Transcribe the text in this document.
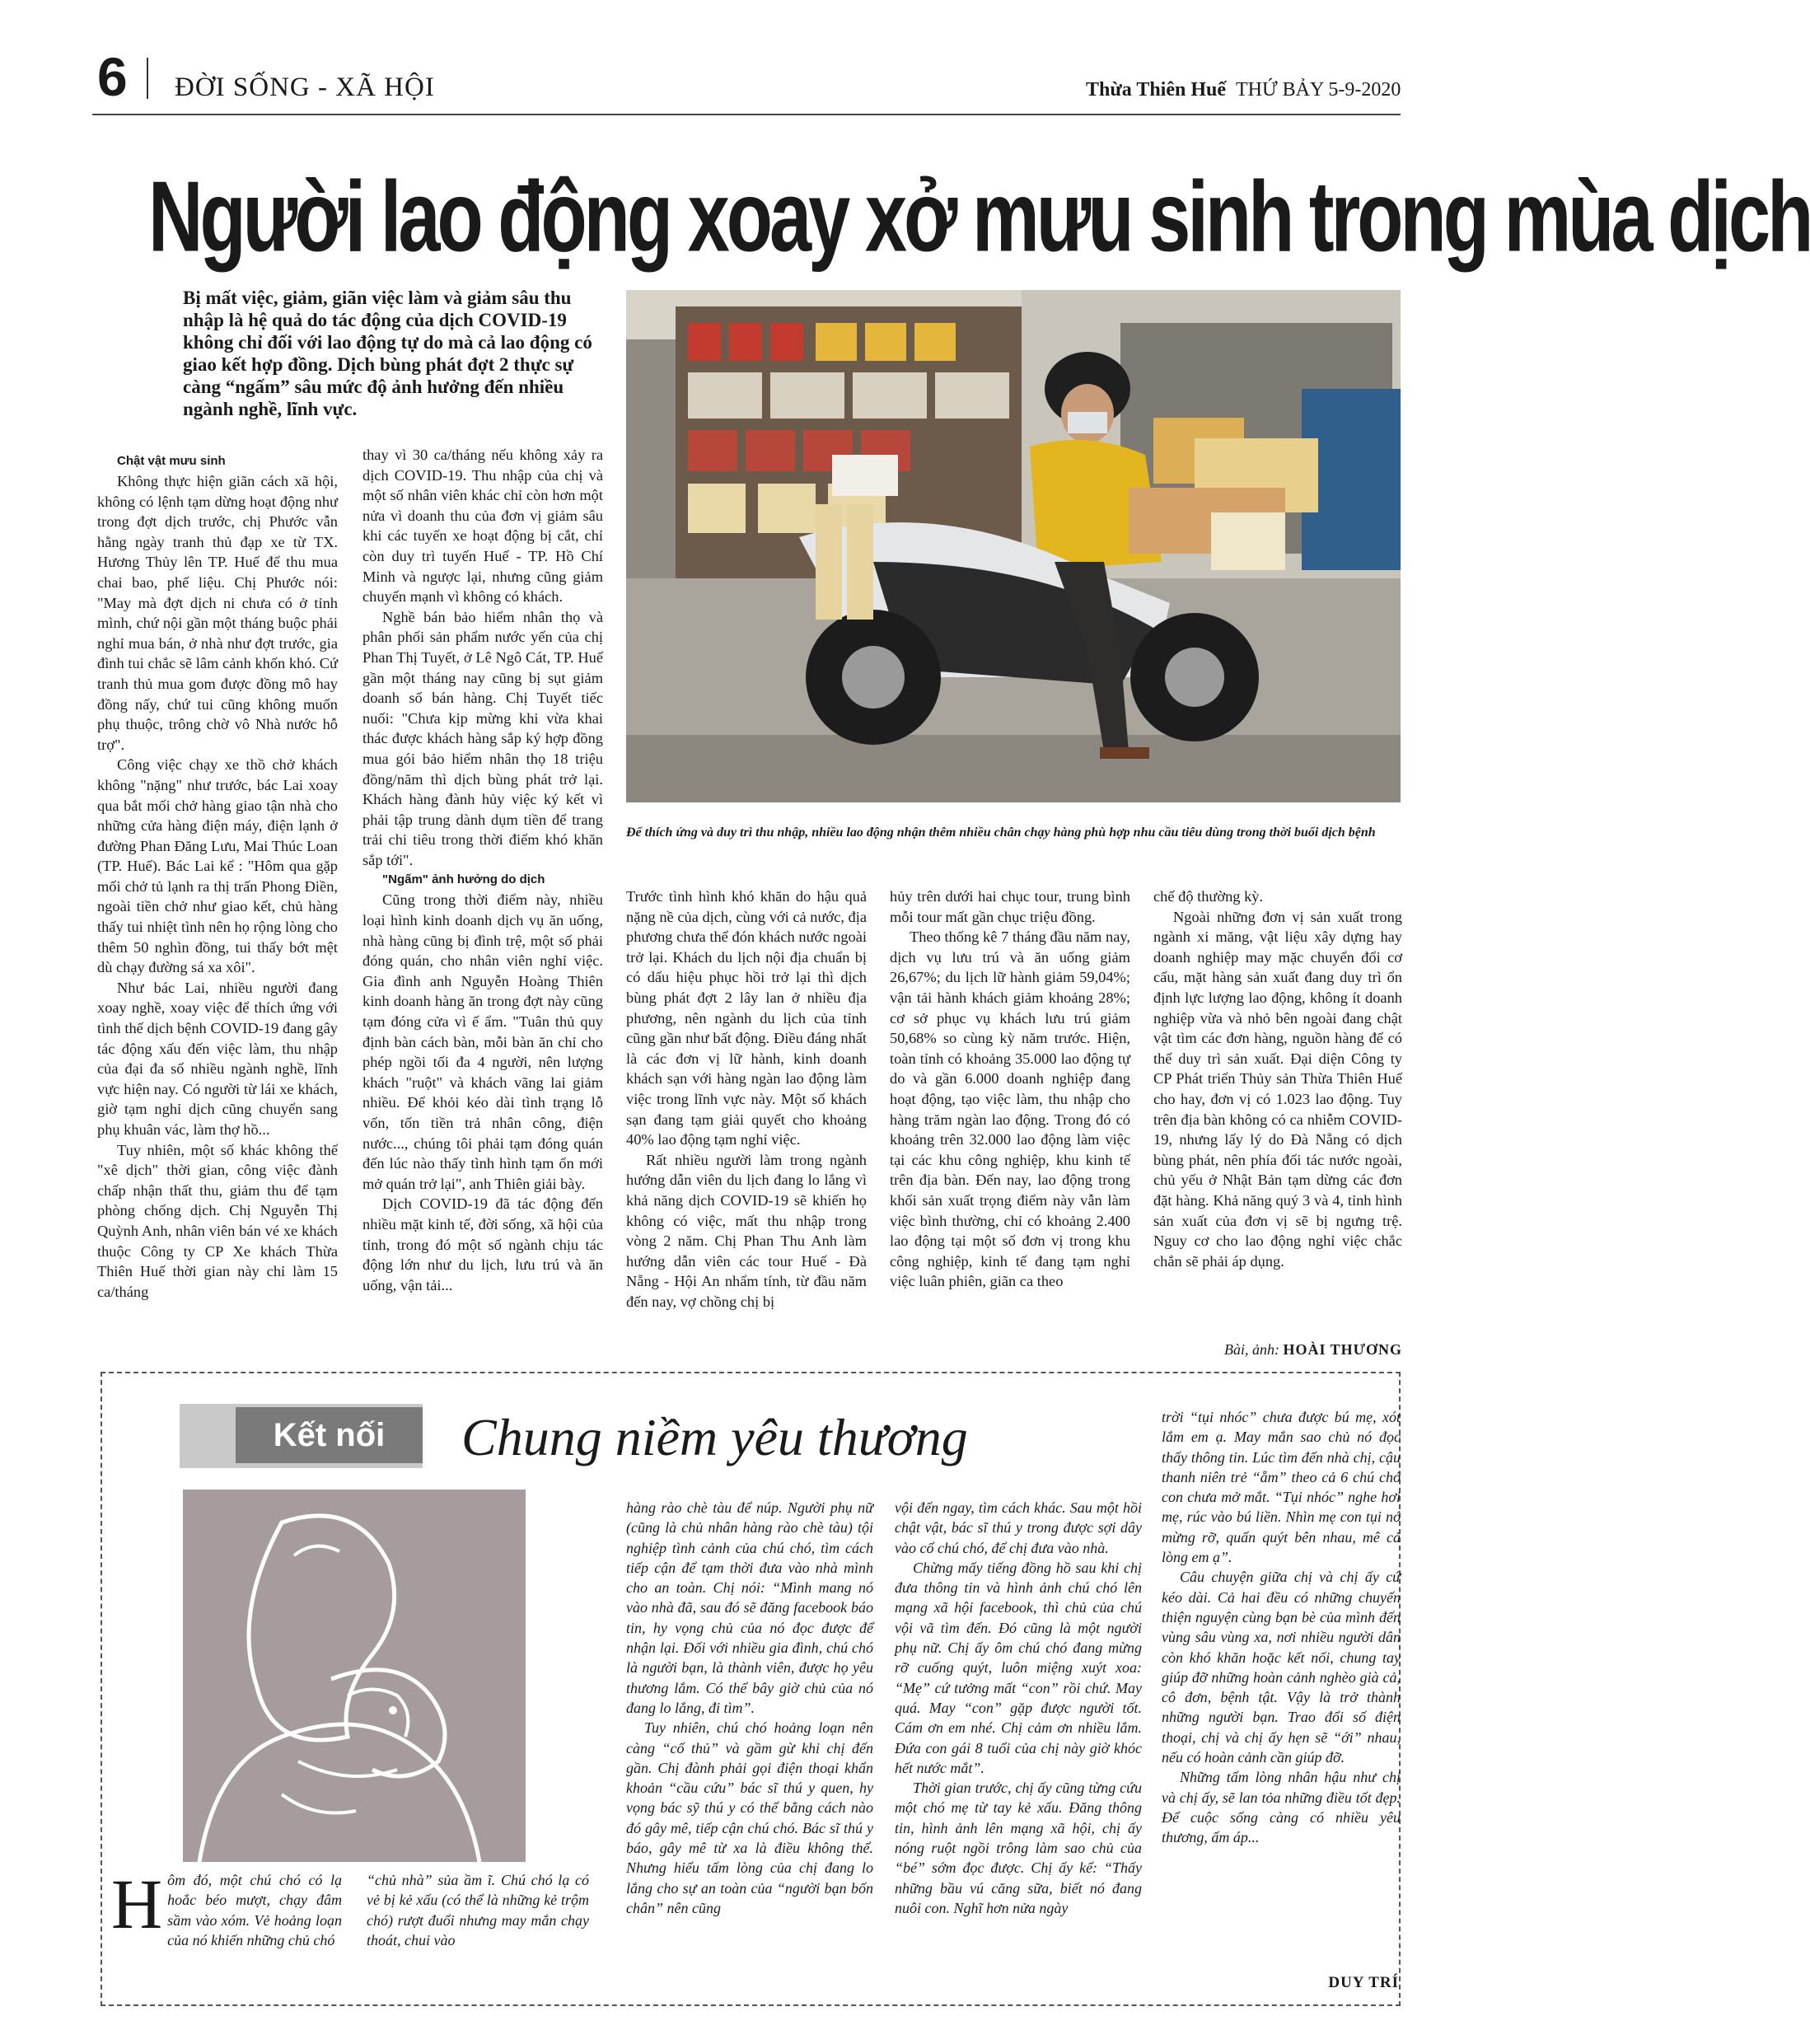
6 ĐỜI SỐNG - XÃ HỘI	Thừa Thiên Huế THỨ BẢY 5-9-2020
Người lao động xoay xở mưu sinh trong mùa dịch
Bị mất việc, giảm, giãn việc làm và giảm sâu thu nhập là hệ quả do tác động của dịch COVID-19 không chỉ đối với lao động tự do mà cả lao động có giao kết hợp đồng. Dịch bùng phát đợt 2 thực sự càng “ngấm” sâu mức độ ảnh hưởng đến nhiều ngành nghề, lĩnh vực.
Để thích ứng và duy trì thu nhập, nhiều lao động nhận thêm nhiều chân chạy hàng phù hợp nhu cầu tiêu dùng trong thời buổi dịch bệnh

Chật vật mưu sinh

Không thực hiện giãn cách xã hội, không có lệnh tạm dừng hoạt động như trong đợt dịch trước, chị Phước vẫn hằng ngày tranh thủ đạp xe từ TX. Hương Thủy lên TP. Huế để thu mua chai bao, phế liệu. Chị Phước nói: "May mà đợt dịch ni chưa có ở tỉnh mình, chứ nội gần một tháng buộc phải nghỉ mua bán, ở nhà như đợt trước, gia đình tui chắc sẽ lâm cảnh khốn khó. Cứ tranh thủ mua gom được đồng mô hay đồng nấy, chứ tui cũng không muốn phụ thuộc, trông chờ vô Nhà nước hỗ trợ".

Công việc chạy xe thồ chở khách không "nặng" như trước, bác Lai xoay qua bắt mối chở hàng giao tận nhà cho những cửa hàng điện máy, điện lạnh ở đường Phan Đăng Lưu, Mai Thúc Loan (TP. Huế). Bác Lai kể : "Hôm qua gặp mối chở tủ lạnh ra thị trấn Phong Điền, ngoài tiền chở như giao kết, chủ hàng thấy tui nhiệt tình nên họ rộng lòng cho thêm 50 nghìn đồng, tui thấy bớt mệt dù chạy đường sá xa xôi".

Như bác Lai, nhiều người đang xoay nghề, xoay việc để thích ứng với tình thế dịch bệnh COVID-19 đang gây tác động xấu đến việc làm, thu nhập của đại đa số nhiều ngành nghề, lĩnh vực hiện nay. Có người từ lái xe khách, giờ tạm nghỉ dịch cũng chuyển sang phụ khuân vác, làm thợ hồ...

Tuy nhiên, một số khác không thể "xê dịch" thời gian, công việc đành chấp nhận thất thu, giảm thu để tạm phòng chống dịch. Chị Nguyễn Thị Quỳnh Anh, nhân viên bán vé xe khách thuộc Công ty CP Xe khách Thừa Thiên Huế thời gian này chỉ làm 15 ca/tháng

thay vì 30 ca/tháng nếu không xảy ra dịch COVID-19. Thu nhập của chị và một số nhân viên khác chỉ còn hơn một nửa vì doanh thu của đơn vị giảm sâu khi các tuyến xe hoạt động bị cắt, chỉ còn duy trì tuyến Huế - TP. Hồ Chí Minh và ngược lại, nhưng cũng giảm chuyến mạnh vì không có khách.

Nghề bán bảo hiểm nhân thọ và phân phối sản phẩm nước yến của chị Phan Thị Tuyết, ở Lê Ngô Cát, TP. Huế gần một tháng nay cũng bị sụt giảm doanh số bán hàng. Chị Tuyết tiếc nuối: "Chưa kịp mừng khi vừa khai thác được khách hàng sắp ký hợp đồng mua gói bảo hiểm nhân thọ 18 triệu đồng/năm thì dịch bùng phát trở lại. Khách hàng đành hủy việc ký kết vì phải tập trung dành dụm tiền để trang trải chi tiêu trong thời điểm khó khăn sắp tới".

"Ngấm" ảnh hưởng do dịch

Cũng trong thời điểm này, nhiều loại hình kinh doanh dịch vụ ăn uống, nhà hàng cũng bị đình trệ, một số phải đóng quán, cho nhân viên nghỉ việc. Gia đình anh Nguyễn Hoàng Thiên kinh doanh hàng ăn trong đợt này cũng tạm đóng cửa vì ế ẩm. "Tuân thủ quy định bàn cách bàn, mỗi bàn ăn chỉ cho phép ngồi tối đa 4 người, nên lượng khách "ruột" và khách vãng lai giảm nhiều. Để khỏi kéo dài tình trạng lỗ vốn, tốn tiền trả nhân công, điện nước..., chúng tôi phải tạm đóng quán đến lúc nào thấy tình hình tạm ổn mới mở quán trở lại", anh Thiên giải bày.

Dịch COVID-19 đã tác động đến nhiều mặt kinh tế, đời sống, xã hội của tỉnh, trong đó một số ngành chịu tác động lớn như du lịch, lưu trú và ăn uống, vận tải...

Trước tình hình khó khăn do hậu quả nặng nề của dịch, cùng với cả nước, địa phương chưa thể đón khách nước ngoài trở lại. Khách du lịch nội địa chuẩn bị có dấu hiệu phục hồi trở lại thì dịch bùng phát đợt 2 lây lan ở nhiều địa phương, nên ngành du lịch của tỉnh cũng gần như bất động. Điều đáng nhất là các đơn vị lữ hành, kinh doanh khách sạn với hàng ngàn lao động làm việc trong lĩnh vực này. Một số khách sạn đang tạm giải quyết cho khoảng 40% lao động tạm nghỉ việc.

Rất nhiều người làm trong ngành hướng dẫn viên du lịch đang lo lắng vì khả năng dịch COVID-19 sẽ khiến họ không có việc, mất thu nhập trong vòng 2 năm. Chị Phan Thu Anh làm hướng dẫn viên các tour Huế - Đà Nẵng - Hội An nhẩm tính, từ đầu năm đến nay, vợ chồng chị bị

hủy trên dưới hai chục tour, trung bình mỗi tour mất gần chục triệu đồng.

Theo thống kê 7 tháng đầu năm nay, dịch vụ lưu trú và ăn uống giảm 26,67%; du lịch lữ hành giảm 59,04%; vận tải hành khách giảm khoảng 28%; cơ sở phục vụ khách lưu trú giảm 50,68% so cùng kỳ năm trước. Hiện, toàn tỉnh có khoảng 35.000 lao động tự do và gần 6.000 doanh nghiệp đang hoạt động, tạo việc làm, thu nhập cho hàng trăm ngàn lao động. Trong đó có khoảng trên 32.000 lao động làm việc tại các khu công nghiệp, khu kinh tế trên địa bàn. Đến nay, lao động trong khối sản xuất trọng điểm này vẫn làm việc bình thường, chỉ có khoảng 2.400 lao động tại một số đơn vị trong khu công nghiệp, kinh tế đang tạm nghỉ việc luân phiên, giãn ca theo

chế độ thường kỳ.

Ngoài những đơn vị sản xuất trong ngành xi măng, vật liệu xây dựng hay doanh nghiệp may mặc chuyển đổi cơ cấu, mặt hàng sản xuất đang duy trì ổn định lực lượng lao động, không ít doanh nghiệp vừa và nhỏ bên ngoài đang chật vật tìm các đơn hàng, nguồn hàng để có thể duy trì sản xuất. Đại diện Công ty CP Phát triển Thủy sản Thừa Thiên Huế cho hay, đơn vị có 1.023 lao động. Tuy trên địa bàn không có ca nhiễm COVID-19, nhưng lấy lý do Đà Nẵng có dịch bùng phát, nên phía đối tác nước ngoài, chủ yếu ở Nhật Bản tạm dừng các đơn đặt hàng. Khả năng quý 3 và 4, tỉnh hình sản xuất của đơn vị sẽ bị ngưng trệ. Nguy cơ cho lao động nghỉ việc chắc chắn sẽ phải áp dụng.

Bài, ảnh: HOÀI THƯƠNG
Kết nối	Chung niềm yêu thương

Hôm đó, một chú chó có lạ hoắc béo mượt, chạy đâm sầm vào xóm. Vẻ hoảng loạn của nó khiến những chủ chó

“chủ nhà” sủa ầm ĩ. Chú chó lạ có vẻ bị kẻ xấu (có thể là những kẻ trộm chó) rượt đuổi nhưng may mắn chạy thoát, chui vào

hàng rào chè tàu để núp. Người phụ nữ (cũng là chủ nhân hàng rào chè tàu) tội nghiệp tình cảnh của chú chó, tìm cách tiếp cận để tạm thời đưa vào nhà mình cho an toàn. Chị nói: “Mình mang nó vào nhà đã, sau đó sẽ đăng facebook báo tin, hy vọng chủ của nó đọc được để nhận lại. Đối với nhiều gia đình, chú chó là người bạn, là thành viên, được họ yêu thương lắm. Có thể bây giờ chủ của nó đang lo lắng, đi tìm”.

Tuy nhiên, chú chó hoảng loạn nên càng “cố thủ” và gầm gừ khi chị đến gần. Chị đành phải gọi điện thoại khẩn khoản “cầu cứu” bác sĩ thú y quen, hy vọng bác sỹ thú y có thể bằng cách nào đó gây mê, tiếp cận chú chó. Bác sĩ thú y báo, gây mê từ xa là điều không thể. Nhưng hiểu tấm lòng của chị đang lo lắng cho sự an toàn của “người bạn bốn chân” nên cũng

vội đến ngay, tìm cách khác. Sau một hồi chật vật, bác sĩ thú y trong được sợi dây vào cổ chú chó, để chị đưa vào nhà.

Chừng mấy tiếng đồng hồ sau khi chị đưa thông tin và hình ảnh chú chó lên mạng xã hội facebook, thì chủ của chú vội vã tìm đến. Đó cũng là một người phụ nữ. Chị ấy ôm chú chó đang mừng rỡ cuống quýt, luôn miệng xuýt xoa: “Mẹ” cứ tưởng mất “con” rồi chứ. May quá. May “con” gặp được người tốt. Cám ơn em nhé. Chị cảm ơn nhiều lắm. Đứa con gái 8 tuổi của chị này giờ khóc hết nước mắt”.

Thời gian trước, chị ấy cũng từng cứu một chó mẹ từ tay kẻ xấu. Đăng thông tin, hình ảnh lên mạng xã hội, chị ấy nóng ruột ngồi trông làm sao chủ của “bé” sớm đọc được. Chị ấy kể: “Thấy những bầu vú căng sữa, biết nó đang nuôi con. Nghĩ hơn nửa ngày

trời “tụi nhóc” chưa được bú mẹ, xót lắm em ạ. May mắn sao chủ nó đọc thấy thông tin. Lúc tìm đến nhà chị, cậu thanh niên trẻ “ẵm” theo cả 6 chú chó con chưa mở mắt. “Tụi nhóc” nghe hơi mẹ, rúc vào bú liền. Nhìn mẹ con tụi nó mừng rỡ, quấn quýt bên nhau, mê cả lòng em ạ”.

Câu chuyện giữa chị và chị ấy cứ kéo dài. Cả hai đều có những chuyến thiện nguyện cùng bạn bè của mình đến vùng sâu vùng xa, nơi nhiều người dân còn khó khăn hoặc kết nối, chung tay giúp đỡ những hoàn cảnh nghèo già cả, cô đơn, bệnh tật. Vậy là trở thành những người bạn. Trao đổi số điện thoại, chị và chị ấy hẹn sẽ “ới” nhau, nếu có hoàn cảnh cần giúp đỡ.

Những tấm lòng nhân hậu như chị và chị ấy, sẽ lan tỏa những điều tốt đẹp. Để cuộc sống càng có nhiều yêu thương, ấm áp...

DUY TRÍ
